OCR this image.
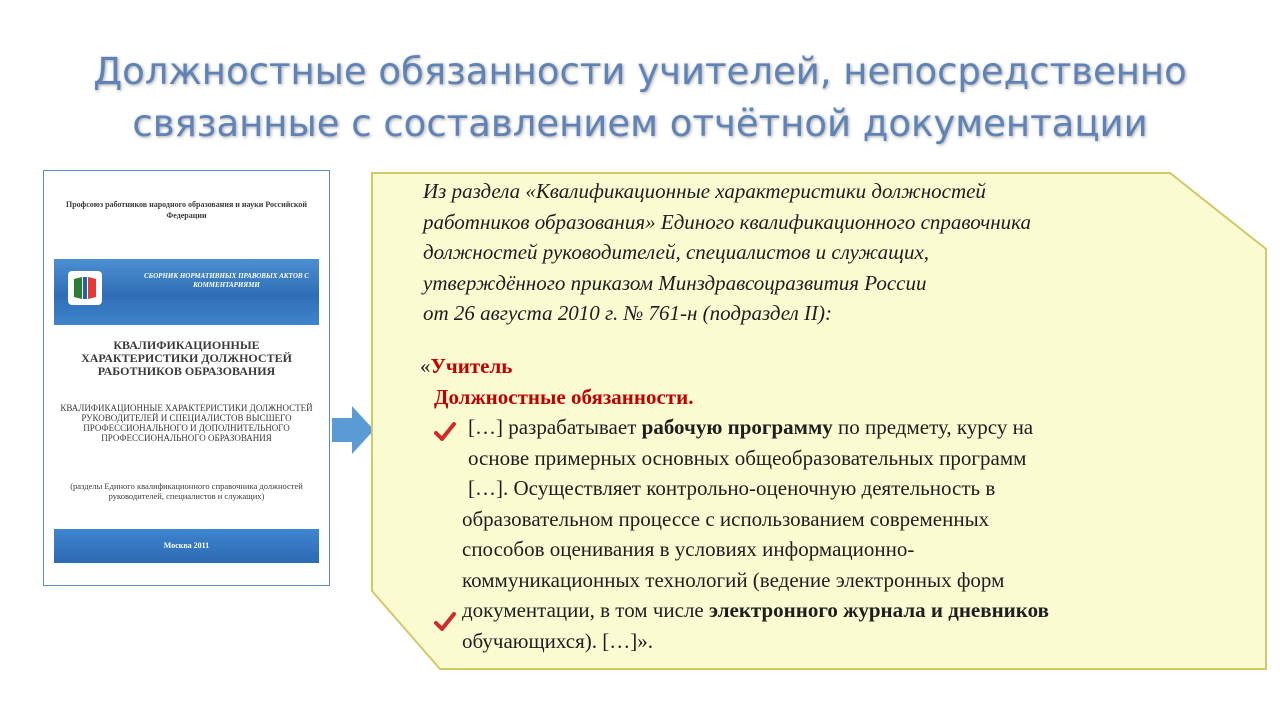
Должностные обязанности учителей, непосредственно
связанные с составлением отчётной документации
Профсоюз работников народного образования и науки Российской Федерации
СБОРНИК НОРМАТИВНЫХ ПРАВОВЫХ АКТОВ С КОММЕНТАРИЯМИ
КВАЛИФИКАЦИОННЫЕ ХАРАКТЕРИСТИКИ ДОЛЖНОСТЕЙ РАБОТНИКОВ ОБРАЗОВАНИЯ
КВАЛИФИКАЦИОННЫЕ ХАРАКТЕРИСТИКИ ДОЛЖНОСТЕЙ РУКОВОДИТЕЛЕЙ И СПЕЦИАЛИСТОВ ВЫСШЕГО ПРОФЕССИОНАЛЬНОГО И ДОПОЛНИТЕЛЬНОГО ПРОФЕССИОНАЛЬНОГО ОБРАЗОВАНИЯ
(разделы Единого квалификационного справочника должностей руководителей, специалистов и служащих)
Москва 2011
Из раздела «Квалификационные характеристики должностей
работников образования» Единого квалификационного справочника
должностей руководителей, специалистов и служащих,
утверждённого приказом Минздравсоцразвития России
от 26 августа 2010 г. № 761-н (подраздел II):
«Учитель
Должностные обязанности.
[…] разрабатывает рабочую программу по предмету, курсу на
основе примерных основных общеобразовательных программ
[…]. Осуществляет контрольно-оценочную деятельность в
образовательном процессе с использованием современных
способов оценивания в условиях информационно-
коммуникационных технологий (ведение электронных форм
документации, в том числе электронного журнала и дневников
обучающихся). […]».
